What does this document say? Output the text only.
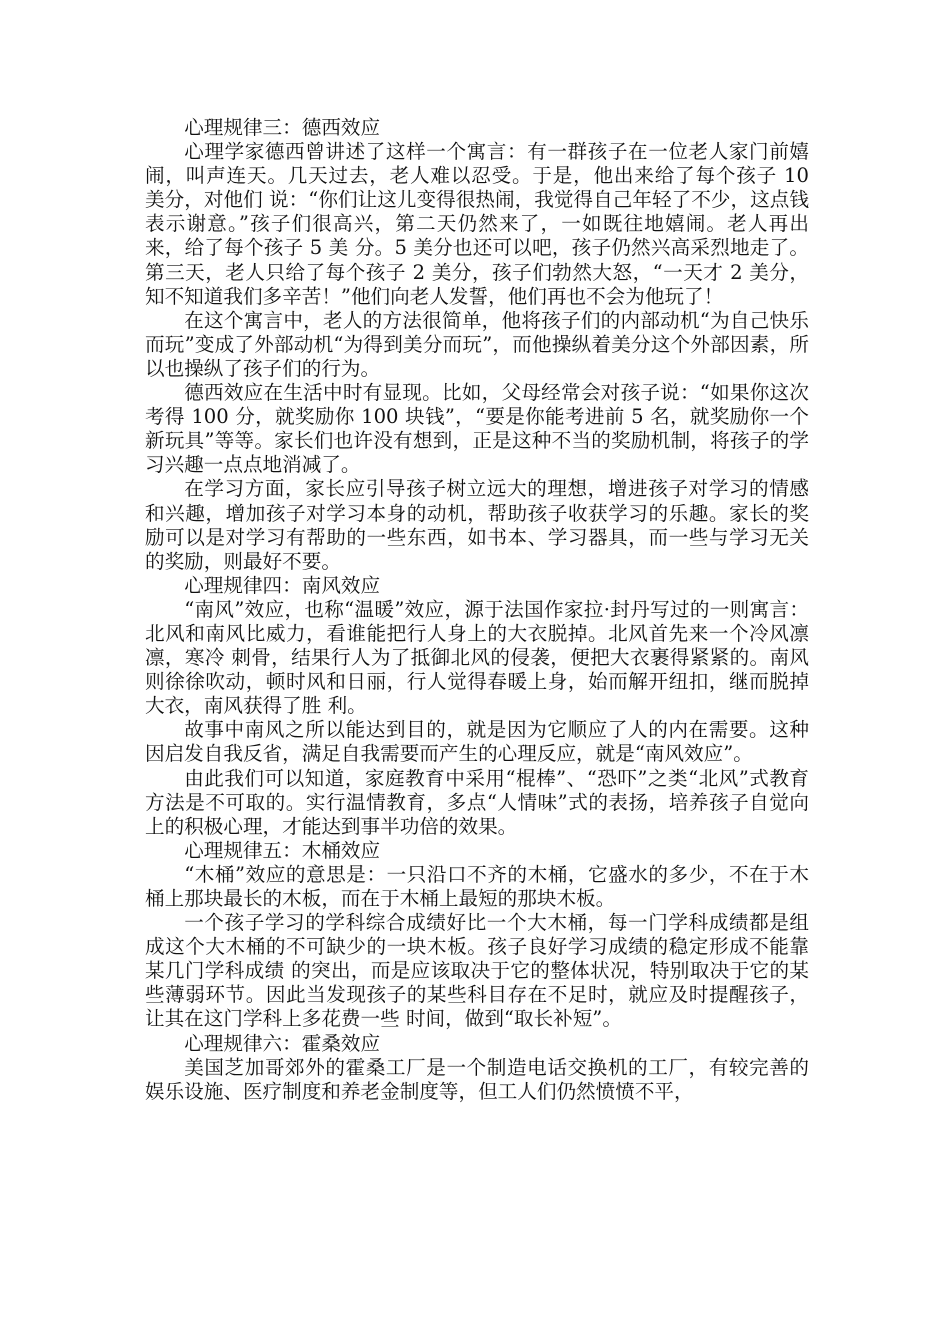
心理规律三：德西效应

心理学家德西曾讲述了这样一个寓言：有一群孩子在一位老人家门前嬉闹，叫声连天。几天过去，老人难以忍受。于是，他出来给了每个孩子 10 美分，对他们 说：“你们让这儿变得很热闹，我觉得自己年轻了不少，这点钱表示谢意。”孩子们很高兴，第二天仍然来了，一如既往地嬉闹。老人再出来，给了每个孩子 5 美 分。5 美分也还可以吧，孩子仍然兴高采烈地走了。第三天，老人只给了每个孩子 2 美分，孩子们勃然大怒，“一天才 2 美分，知不知道我们多辛苦！”他们向老人发誓，他们再也不会为他玩了！

在这个寓言中，老人的方法很简单，他将孩子们的内部动机“为自己快乐而玩”变成了外部动机“为得到美分而玩”，而他操纵着美分这个外部因素，所以也操纵了孩子们的行为。

德西效应在生活中时有显现。比如，父母经常会对孩子说：“如果你这次考得 100 分，就奖励你 100 块钱”，“要是你能考进前 5 名，就奖励你一个新玩具”等等。家长们也许没有想到，正是这种不当的奖励机制，将孩子的学习兴趣一点点地消减了。

在学习方面，家长应引导孩子树立远大的理想，增进孩子对学习的情感和兴趣，增加孩子对学习本身的动机，帮助孩子收获学习的乐趣。家长的奖励可以是对学习有帮助的一些东西，如书本、学习器具，而一些与学习无关的奖励，则最好不要。

心理规律四：南风效应

“南风”效应，也称“温暖”效应，源于法国作家拉·封丹写过的一则寓言：北风和南风比威力，看谁能把行人身上的大衣脱掉。北风首先来一个冷风凛凛，寒冷 刺骨，结果行人为了抵御北风的侵袭，便把大衣裹得紧紧的。南风则徐徐吹动，顿时风和日丽，行人觉得春暖上身，始而解开纽扣，继而脱掉大衣，南风获得了胜 利。

故事中南风之所以能达到目的，就是因为它顺应了人的内在需要。这种因启发自我反省，满足自我需要而产生的心理反应，就是“南风效应”。

由此我们可以知道，家庭教育中采用“棍棒”、“恐吓”之类“北风”式教育方法是不可取的。实行温情教育，多点“人情味”式的表扬，培养孩子自觉向上的积极心理，才能达到事半功倍的效果。

心理规律五：木桶效应

“木桶”效应的意思是：一只沿口不齐的木桶，它盛水的多少，不在于木桶上那块最长的木板，而在于木桶上最短的那块木板。

一个孩子学习的学科综合成绩好比一个大木桶，每一门学科成绩都是组成这个大木桶的不可缺少的一块木板。孩子良好学习成绩的稳定形成不能靠某几门学科成绩 的突出，而是应该取决于它的整体状况，特别取决于它的某些薄弱环节。因此当发现孩子的某些科目存在不足时，就应及时提醒孩子，让其在这门学科上多花费一些 时间，做到“取长补短”。

心理规律六：霍桑效应

美国芝加哥郊外的霍桑工厂是一个制造电话交换机的工厂，有较完善的娱乐设施、医疗制度和养老金制度等，但工人们仍然愤愤不平，
